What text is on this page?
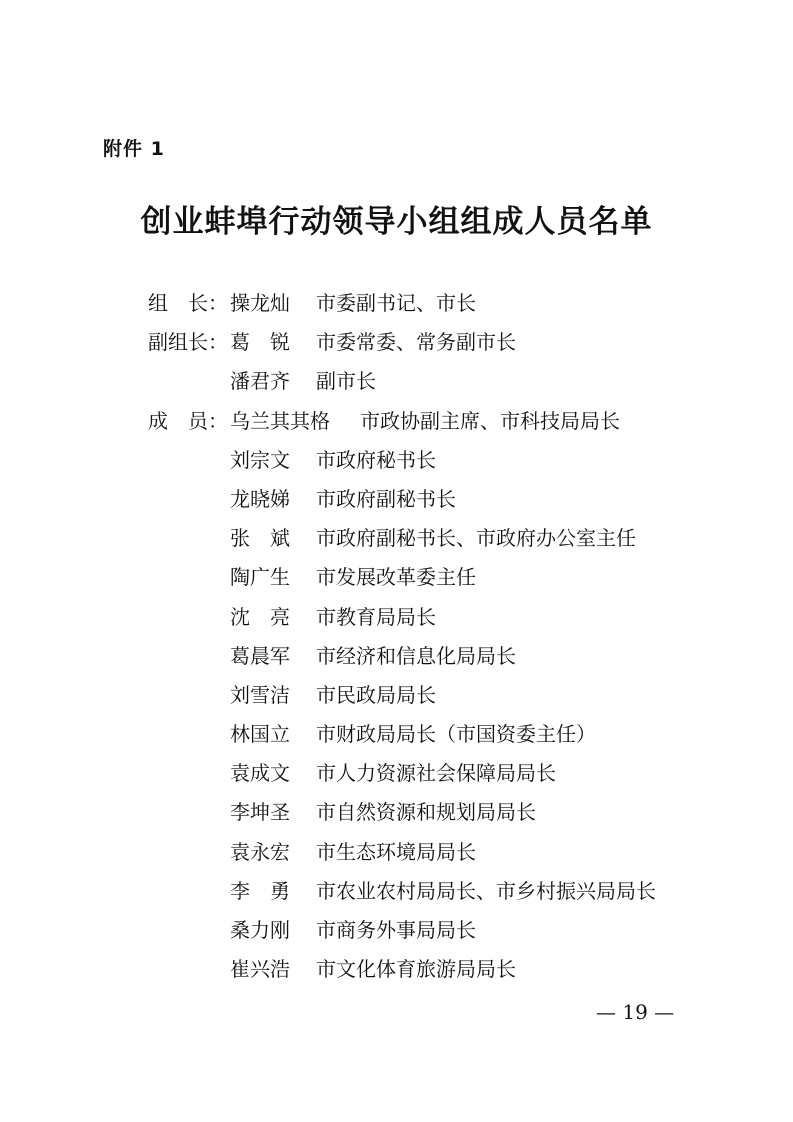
附件 1
创业蚌埠行动领导小组组成人员名单
组　长： 操龙灿 市委副书记、市长
副组长： 葛　锐 市委常委、常务副市长
潘君齐 副市长
成　员： 乌兰其其格 市政协副主席、市科技局局长
刘宗文 市政府秘书长
龙晓娣 市政府副秘书长
张　斌 市政府副秘书长、市政府办公室主任
陶广生 市发展改革委主任
沈　亮 市教育局局长
葛晨军 市经济和信息化局局长
刘雪洁 市民政局局长
林国立 市财政局局长（市国资委主任）
袁成文 市人力资源社会保障局局长
李坤圣 市自然资源和规划局局长
袁永宏 市生态环境局局长
李　勇 市农业农村局局长、市乡村振兴局局长
桑力刚 市商务外事局局长
崔兴浩 市文化体育旅游局局长
— 19 —
